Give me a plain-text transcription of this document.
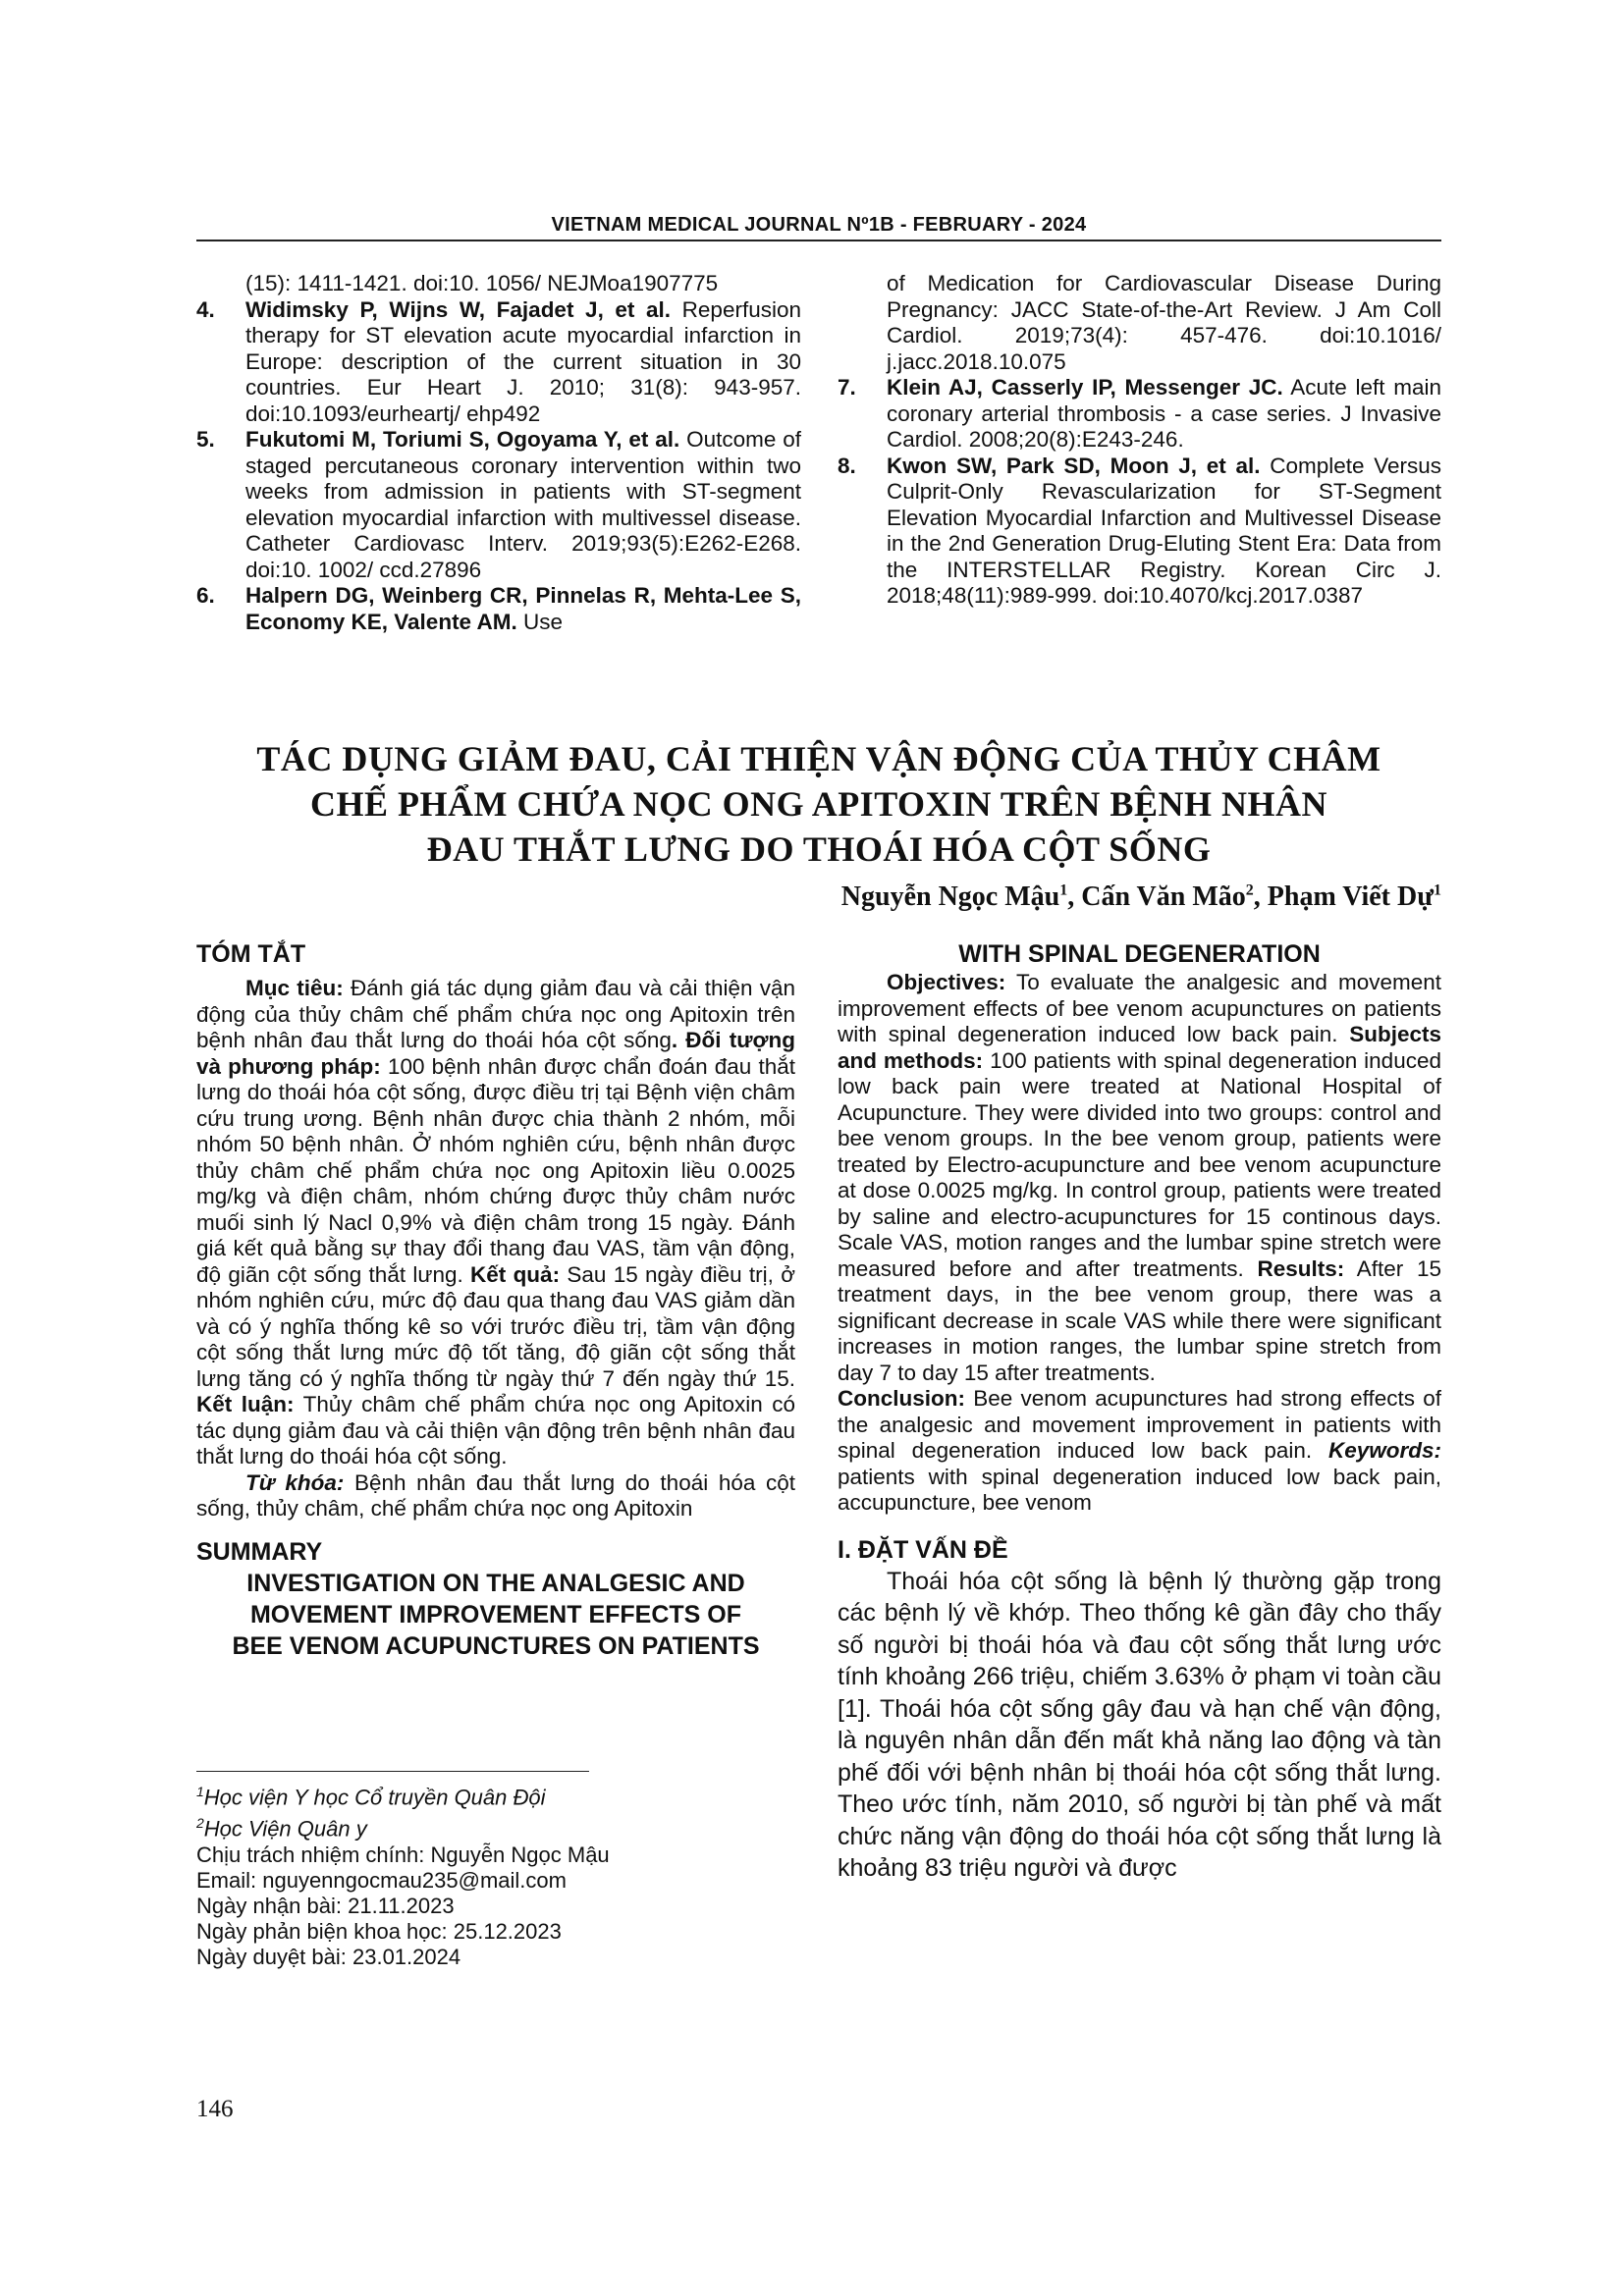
VIETNAM MEDICAL JOURNAL Nº1B - FEBRUARY - 2024
(15): 1411-1421. doi:10. 1056/ NEJMoa1907775
4. Widimsky P, Wijns W, Fajadet J, et al. Reperfusion therapy for ST elevation acute myocardial infarction in Europe: description of the current situation in 30 countries. Eur Heart J. 2010; 31(8): 943-957. doi:10.1093/eurheartj/ ehp492
5. Fukutomi M, Toriumi S, Ogoyama Y, et al. Outcome of staged percutaneous coronary intervention within two weeks from admission in patients with ST-segment elevation myocardial infarction with multivessel disease. Catheter Cardiovasc Interv. 2019;93(5):E262-E268. doi:10. 1002/ ccd.27896
6. Halpern DG, Weinberg CR, Pinnelas R, Mehta-Lee S, Economy KE, Valente AM. Use
of Medication for Cardiovascular Disease During Pregnancy: JACC State-of-the-Art Review. J Am Coll Cardiol. 2019;73(4): 457-476. doi:10.1016/ j.jacc.2018.10.075
7. Klein AJ, Casserly IP, Messenger JC. Acute left main coronary arterial thrombosis - a case series. J Invasive Cardiol. 2008;20(8):E243-246.
8. Kwon SW, Park SD, Moon J, et al. Complete Versus Culprit-Only Revascularization for ST-Segment Elevation Myocardial Infarction and Multivessel Disease in the 2nd Generation Drug-Eluting Stent Era: Data from the INTERSTELLAR Registry. Korean Circ J. 2018;48(11):989-999. doi:10.4070/kcj.2017.0387
TÁC DỤNG GIẢM ĐAU, CẢI THIỆN VẬN ĐỘNG CỦA THỦY CHÂM
CHẾ PHẨM CHỨA NỌC ONG APITOXIN TRÊN BỆNH NHÂN
ĐAU THẮT LƯNG DO THOÁI HÓA CỘT SỐNG
Nguyễn Ngọc Mậu$^1$, Cấn Văn Mão$^2$, Phạm Viết Dự$^1$
TÓM TẮT
Mục tiêu: Đánh giá tác dụng giảm đau và cải thiện vận động của thủy châm chế phẩm chứa nọc ong Apitoxin trên bệnh nhân đau thắt lưng do thoái hóa cột sống. Đối tượng và phương pháp: 100 bệnh nhân được chẩn đoán đau thắt lưng do thoái hóa cột sống, được điều trị tại Bệnh viện châm cứu trung ương. Bệnh nhân được chia thành 2 nhóm, mỗi nhóm 50 bệnh nhân. Ở nhóm nghiên cứu, bệnh nhân được thủy châm chế phẩm chứa nọc ong Apitoxin liều 0.0025 mg/kg và điện châm, nhóm chứng được thủy châm nước muối sinh lý Nacl 0,9% và điện châm trong 15 ngày. Đánh giá kết quả bằng sự thay đổi thang đau VAS, tầm vận động, độ giãn cột sống thắt lưng. Kết quả: Sau 15 ngày điều trị, ở nhóm nghiên cứu, mức độ đau qua thang đau VAS giảm dần và có ý nghĩa thống kê so với trước điều trị, tầm vận động cột sống thắt lưng mức độ tốt tăng, độ giãn cột sống thắt lưng tăng có ý nghĩa thống từ ngày thứ 7 đến ngày thứ 15. Kết luận: Thủy châm chế phẩm chứa nọc ong Apitoxin có tác dụng giảm đau và cải thiện vận động trên bệnh nhân đau thắt lưng do thoái hóa cột sống.
Từ khóa: Bệnh nhân đau thắt lưng do thoái hóa cột sống, thủy châm, chế phẩm chứa nọc ong Apitoxin
SUMMARY
INVESTIGATION ON THE ANALGESIC AND
MOVEMENT IMPROVEMENT EFFECTS OF
BEE VENOM ACUPUNCTURES ON PATIENTS
$^1$Học viện Y học Cổ truyền Quân Đội
$^2$Học Viện Quân y
Chịu trách nhiệm chính: Nguyễn Ngọc Mậu
Email: nguyenngocmau235@mail.com
Ngày nhận bài: 21.11.2023
Ngày phản biện khoa học: 25.12.2023
Ngày duyệt bài: 23.01.2024
WITH SPINAL DEGENERATION
Objectives: To evaluate the analgesic and movement improvement effects of bee venom acupunctures on patients with spinal degeneration induced low back pain. Subjects and methods: 100 patients with spinal degeneration induced low back pain were treated at National Hospital of Acupuncture. They were divided into two groups: control and bee venom groups. In the bee venom group, patients were treated by Electro-acupuncture and bee venom acupuncture at dose 0.0025 mg/kg. In control group, patients were treated by saline and electro-acupunctures for 15 continous days. Scale VAS, motion ranges and the lumbar spine stretch were measured before and after treatments. Results: After 15 treatment days, in the bee venom group, there was a significant decrease in scale VAS while there were significant increases in motion ranges, the lumbar spine stretch from day 7 to day 15 after treatments.
Conclusion: Bee venom acupunctures had strong effects of the analgesic and movement improvement in patients with spinal degeneration induced low back pain. Keywords: patients with spinal degeneration induced low back pain, accupuncture, bee venom
I. ĐẶT VẤN ĐỀ
Thoái hóa cột sống là bệnh lý thường gặp trong các bệnh lý về khớp. Theo thống kê gần đây cho thấy số người bị thoái hóa và đau cột sống thắt lưng ước tính khoảng 266 triệu, chiếm 3.63% ở phạm vi toàn cầu [1]. Thoái hóa cột sống gây đau và hạn chế vận động, là nguyên nhân dẫn đến mất khả năng lao động và tàn phế đối với bệnh nhân bị thoái hóa cột sống thắt lưng. Theo ước tính, năm 2010, số người bị tàn phế và mất chức năng vận động do thoái hóa cột sống thắt lưng là khoảng 83 triệu người và được
146
